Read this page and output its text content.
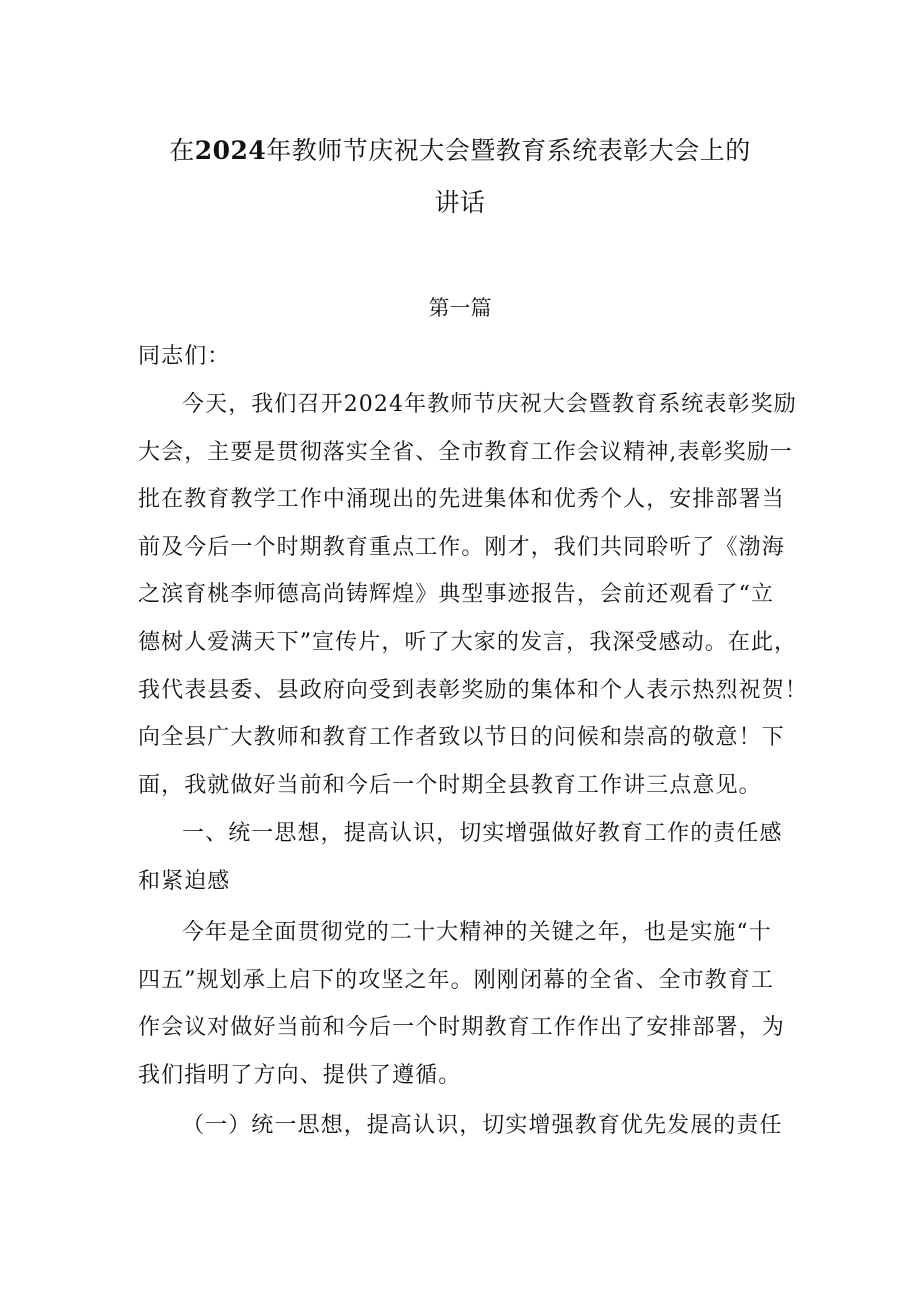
在2024年教师节庆祝大会暨教育系统表彰大会上的
讲话
第一篇
同志们：
今天，我们召开2024年教师节庆祝大会暨教育系统表彰奖励
大会，主要是贯彻落实全省、全市教育工作会议精神,表彰奖励一
批在教育教学工作中涌现出的先进集体和优秀个人，安排部署当
前及今后一个时期教育重点工作。刚才，我们共同聆听了《渤海
之滨育桃李师德高尚铸辉煌》典型事迹报告，会前还观看了“立
德树人爱满天下”宣传片，听了大家的发言，我深受感动。在此，
我代表县委、县政府向受到表彰奖励的集体和个人表示热烈祝贺！
向全县广大教师和教育工作者致以节日的问候和崇高的敬意！下
面，我就做好当前和今后一个时期全县教育工作讲三点意见。
一、统一思想，提高认识，切实增强做好教育工作的责任感
和紧迫感
今年是全面贯彻党的二十大精神的关键之年，也是实施“十
四五”规划承上启下的攻坚之年。刚刚闭幕的全省、全市教育工
作会议对做好当前和今后一个时期教育工作作出了安排部署，为
我们指明了方向、提供了遵循。
（一）统一思想，提高认识，切实增强教育优先发展的责任
